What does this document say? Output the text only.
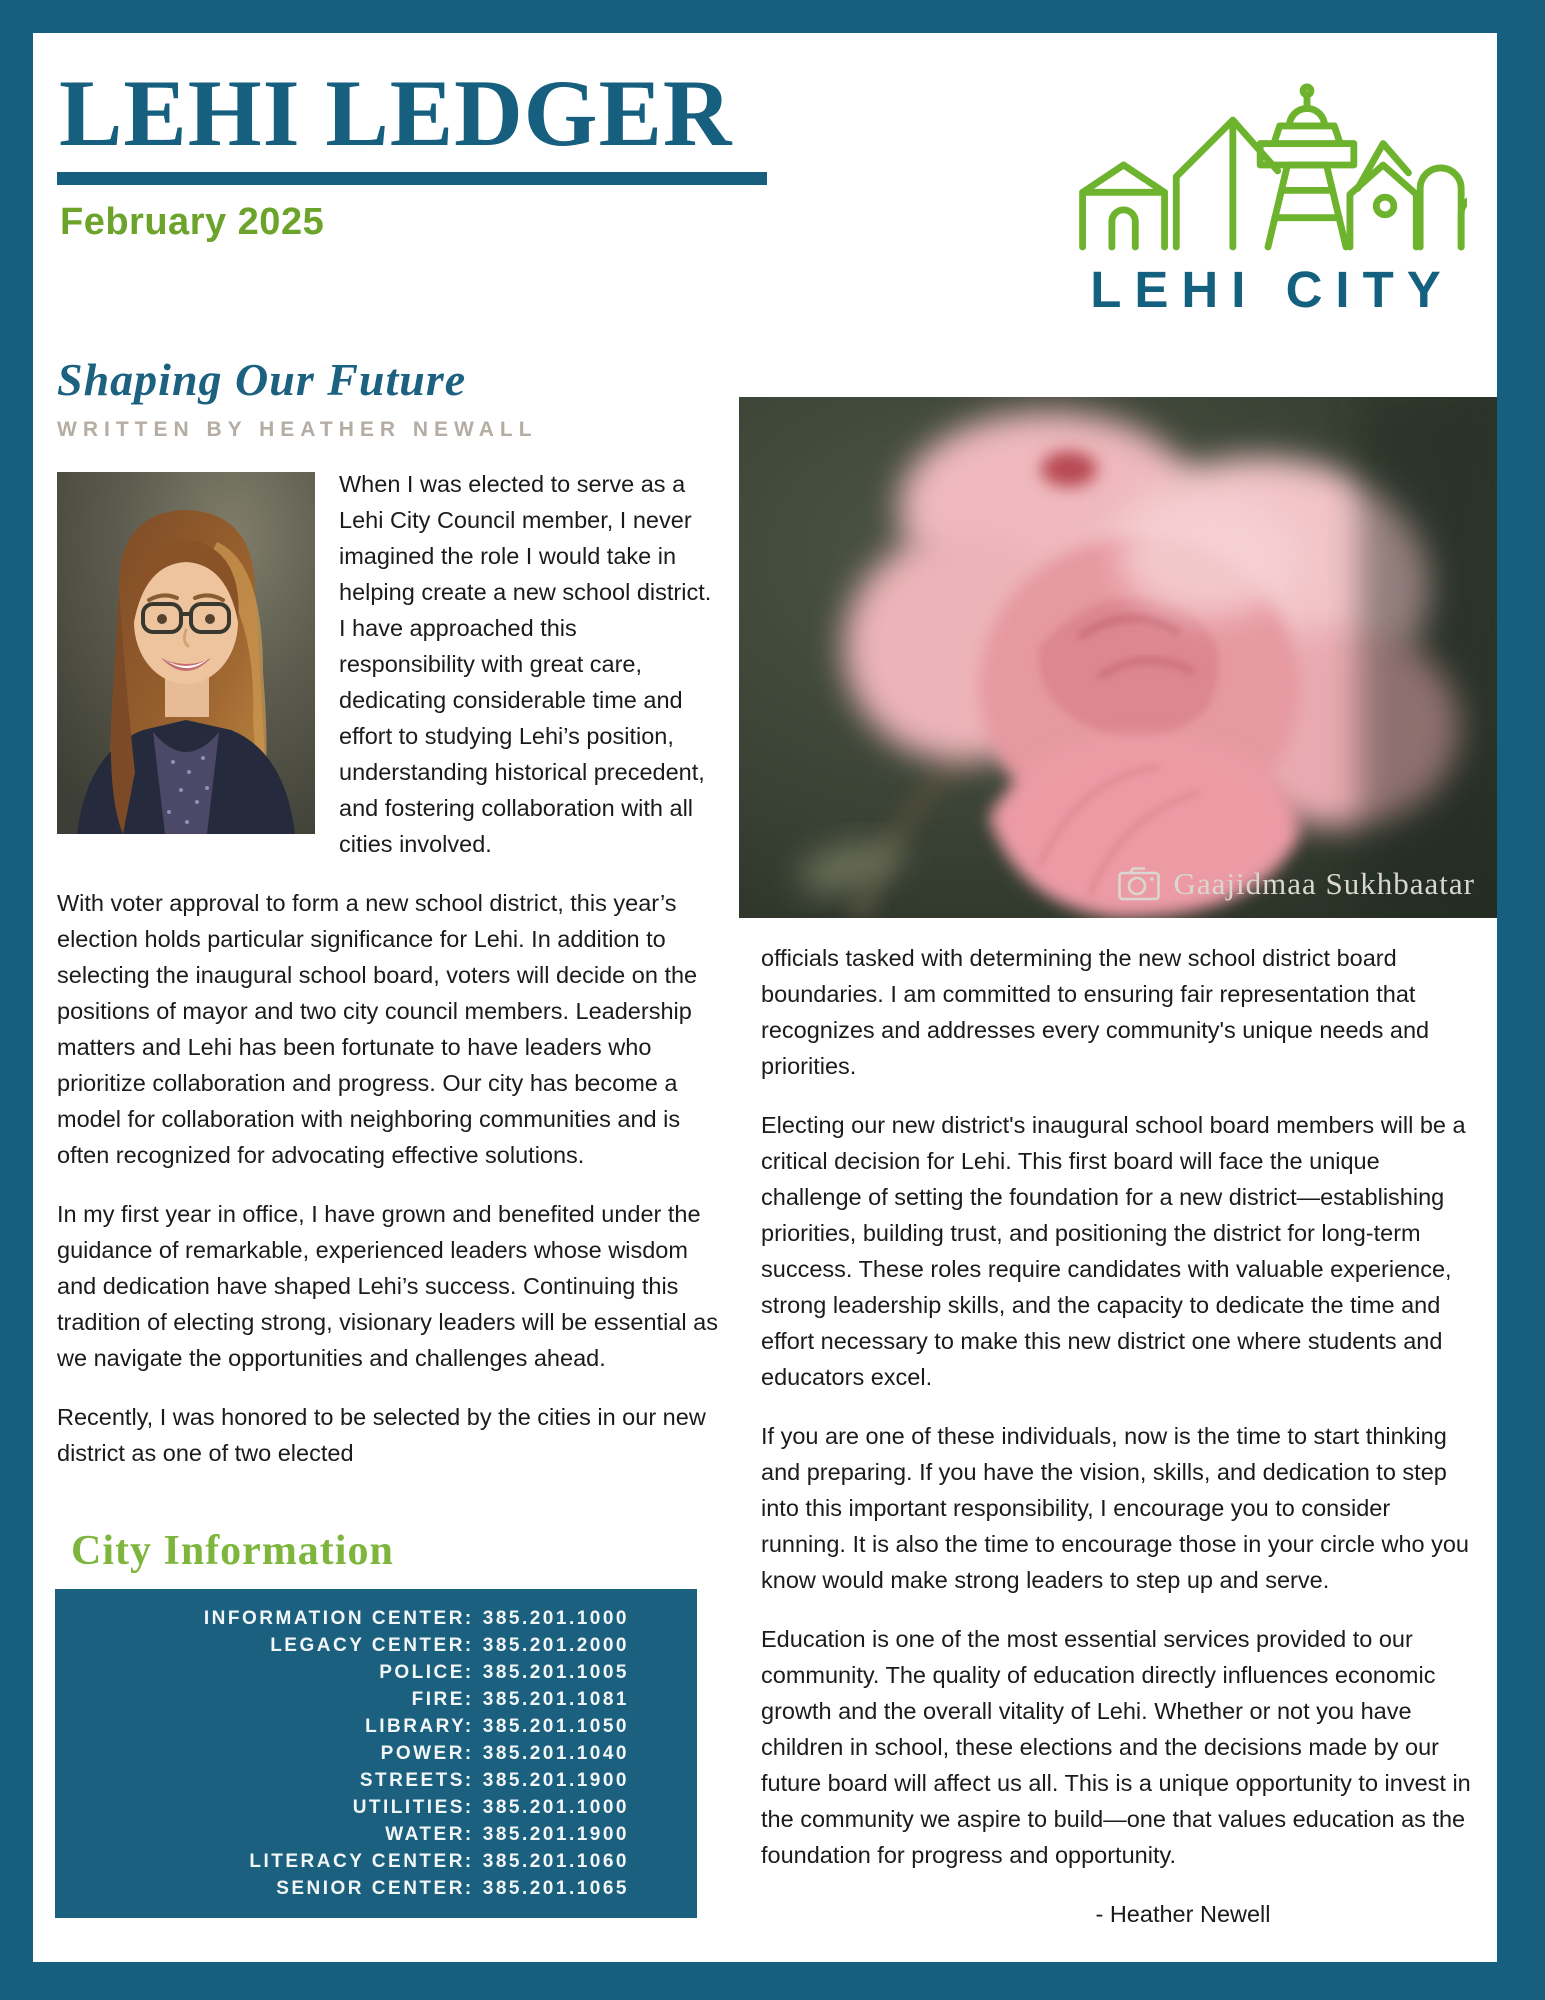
LEHI LEDGER
February 2025
LEHI CITY
Shaping Our Future
WRITTEN BY HEATHER NEWALL

When I was elected to serve as a Lehi City Council member, I never imagined the role I would take in helping create a new school district. I have approached this responsibility with great care, dedicating considerable time and effort to studying Lehi’s position, understanding historical precedent, and fostering collaboration with all cities involved.

With voter approval to form a new school district, this year’s election holds particular significance for Lehi. In addition to selecting the inaugural school board, voters will decide on the positions of mayor and two city council members. Leadership matters and Lehi has been fortunate to have leaders who prioritize collaboration and progress. Our city has become a model for collaboration with neighboring communities and is often recognized for advocating effective solutions.

In my first year in office, I have grown and benefited under the guidance of remarkable, experienced leaders whose wisdom and dedication have shaped Lehi’s success. Continuing this tradition of electing strong, visionary leaders will be essential as we navigate the opportunities and challenges ahead.

Recently, I was honored to be selected by the cities in our new district as one of two elected

City Information
INFORMATION CENTER: 385.201.1000
LEGACY CENTER: 385.201.2000
POLICE: 385.201.1005
FIRE: 385.201.1081
LIBRARY: 385.201.1050
POWER: 385.201.1040
STREETS: 385.201.1900
UTILITIES: 385.201.1000
WATER: 385.201.1900
LITERACY CENTER: 385.201.1060
SENIOR CENTER: 385.201.1065
Gaajidmaa Sukhbaatar

officials tasked with determining the new school district board boundaries. I am committed to ensuring fair representation that recognizes and addresses every community's unique needs and priorities.

Electing our new district's inaugural school board members will be a critical decision for Lehi. This first board will face the unique challenge of setting the foundation for a new district—establishing priorities, building trust, and positioning the district for long-term success. These roles require candidates with valuable experience, strong leadership skills, and the capacity to dedicate the time and effort necessary to make this new district one where students and educators excel.

If you are one of these individuals, now is the time to start thinking and preparing. If you have the vision, skills, and dedication to step into this important responsibility, I encourage you to consider running. It is also the time to encourage those in your circle who you know would make strong leaders to step up and serve.

Education is one of the most essential services provided to our community. The quality of education directly influences economic growth and the overall vitality of Lehi. Whether or not you have children in school, these elections and the decisions made by our future board will affect us all. This is a unique opportunity to invest in the community we aspire to build—one that values education as the foundation for progress and opportunity.

- Heather Newell
